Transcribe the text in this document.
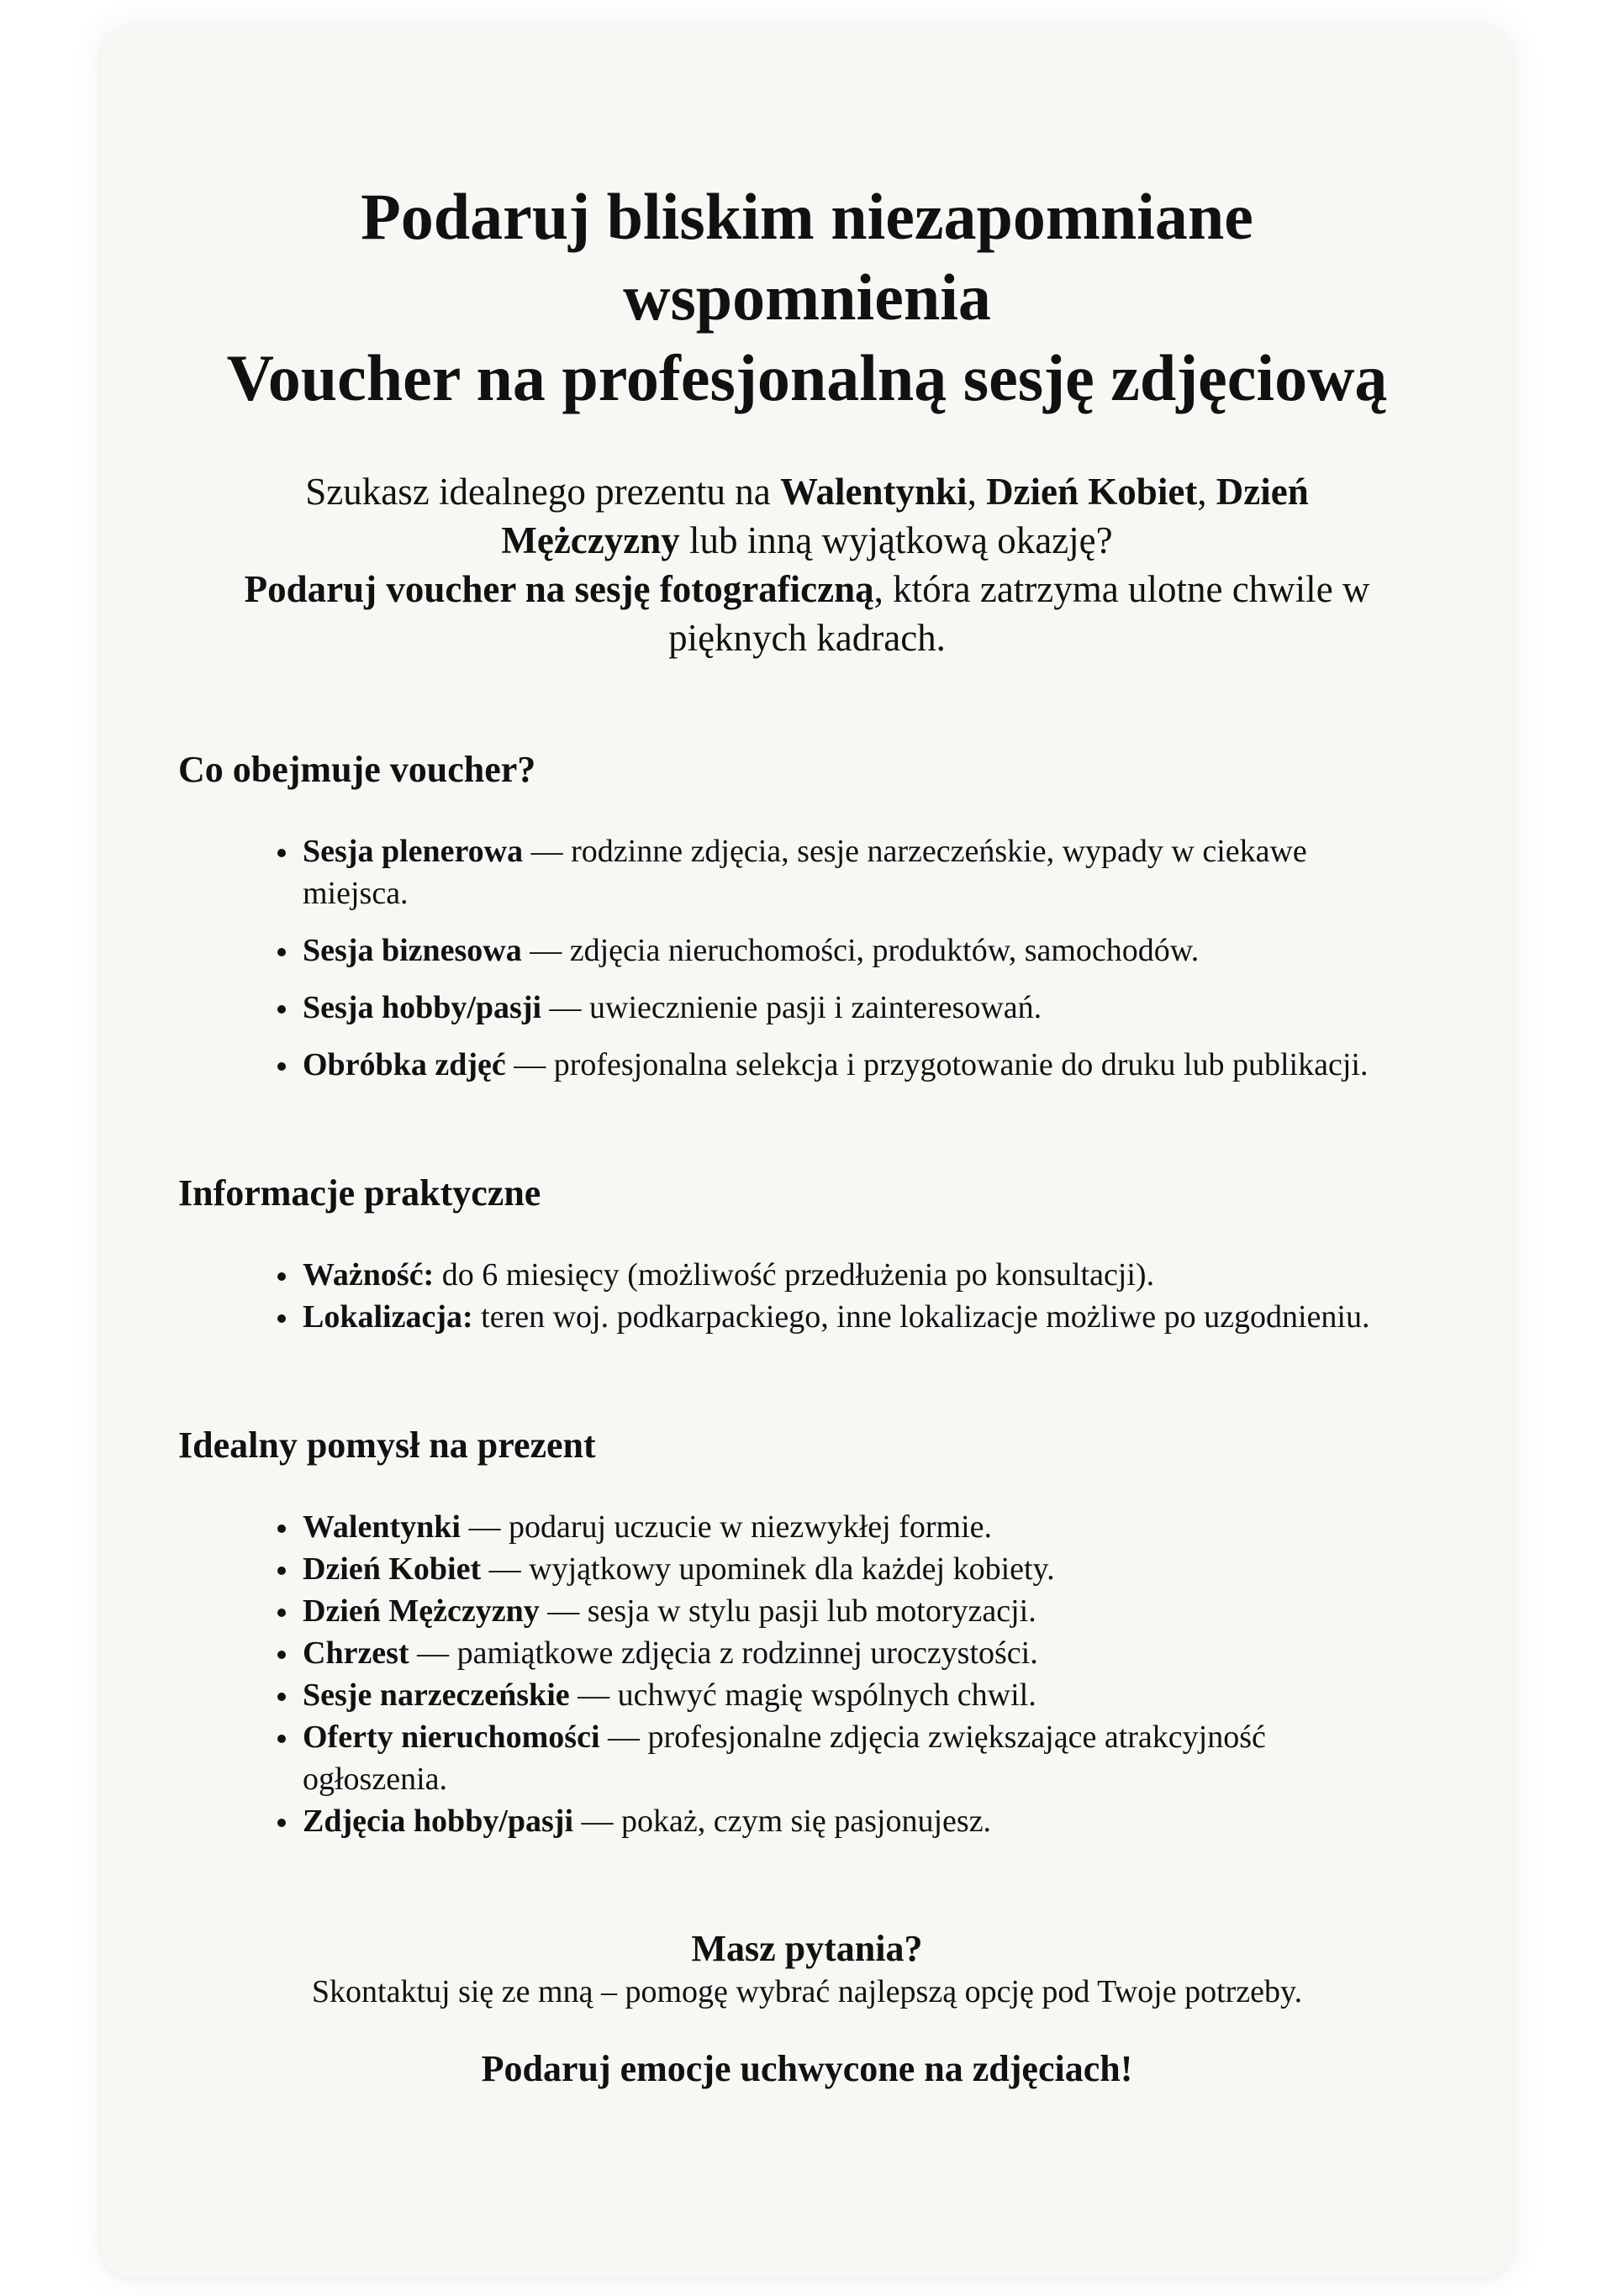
Podaruj bliskim niezapomniane wspomnienia
Voucher na profesjonalną sesję zdjęciową

Szukasz idealnego prezentu na Walentynki, Dzień Kobiet, Dzień Mężczyzny lub inną wyjątkową okazję?

Podaruj voucher na sesję fotograficzną, która zatrzyma ulotne chwile w pięknych kadrach.

Co obejmuje voucher?
Sesja plenerowa — rodzinne zdjęcia, sesje narzeczeńskie, wypady w ciekawe miejsca.
Sesja biznesowa — zdjęcia nieruchomości, produktów, samochodów.
Sesja hobby/pasji — uwiecznienie pasji i zainteresowań.
Obróbka zdjęć — profesjonalna selekcja i przygotowanie do druku lub publikacji.
Informacje praktyczne
Ważność: do 6 miesięcy (możliwość przedłużenia po konsultacji).
Lokalizacja: teren woj. podkarpackiego, inne lokalizacje możliwe po uzgodnieniu.
Idealny pomysł na prezent
Walentynki — podaruj uczucie w niezwykłej formie.
Dzień Kobiet — wyjątkowy upominek dla każdej kobiety.
Dzień Mężczyzny — sesja w stylu pasji lub motoryzacji.
Chrzest — pamiątkowe zdjęcia z rodzinnej uroczystości.
Sesje narzeczeńskie — uchwyć magię wspólnych chwil.
Oferty nieruchomości — profesjonalne zdjęcia zwiększające atrakcyjność ogłoszenia.
Zdjęcia hobby/pasji — pokaż, czym się pasjonujesz.
Masz pytania?
Skontaktuj się ze mną – pomogę wybrać najlepszą opcję pod Twoje potrzeby.
Podaruj emocje uchwycone na zdjęciach!
